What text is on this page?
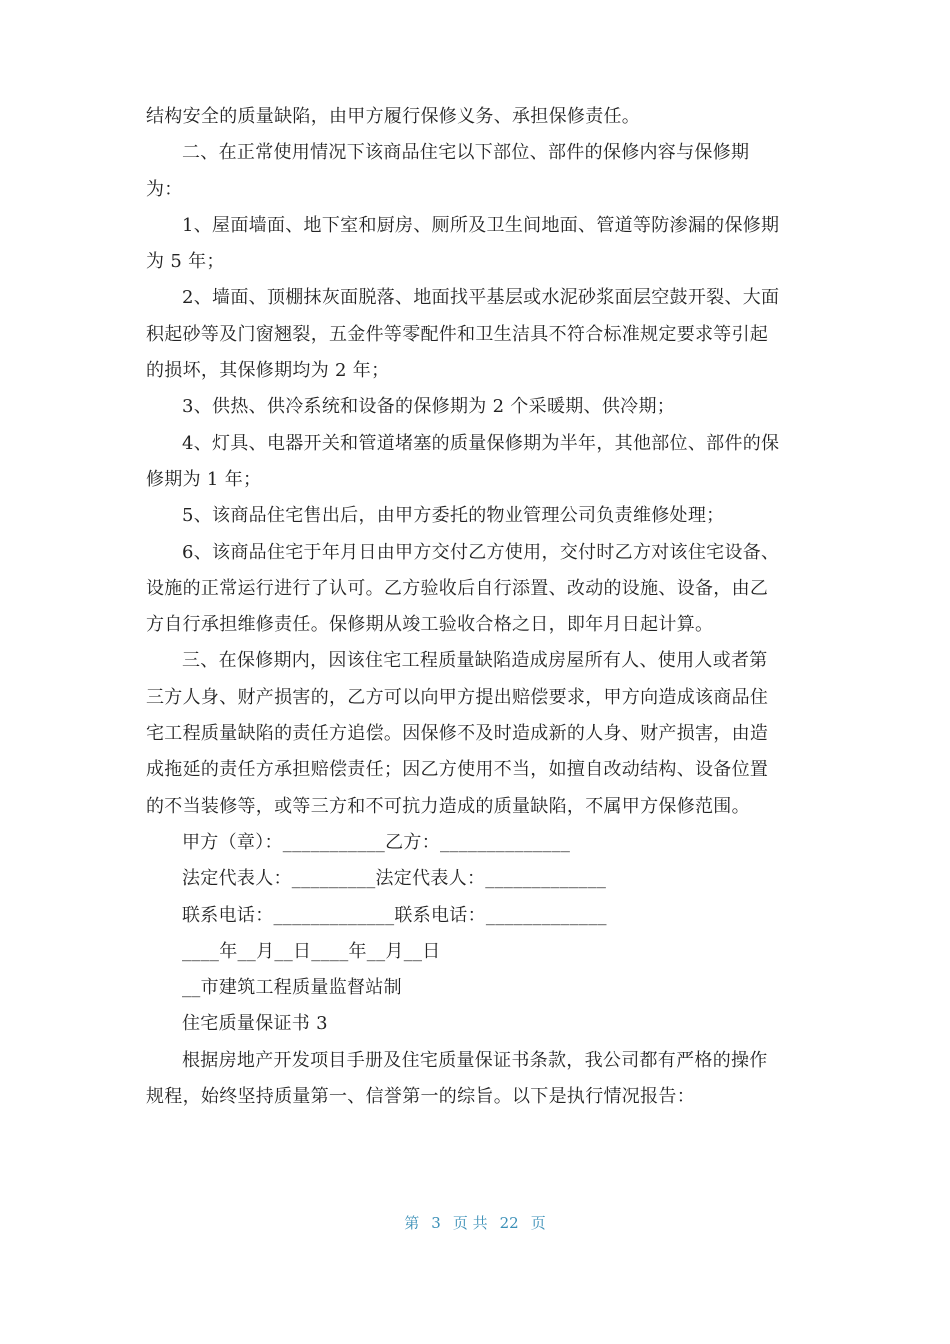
结构安全的质量缺陷，由甲方履行保修义务、承担保修责任。
二、在正常使用情况下该商品住宅以下部位、部件的保修内容与保修期
为：
1、屋面墙面、地下室和厨房、厕所及卫生间地面、管道等防渗漏的保修期
为 5 年；
2、墙面、顶棚抹灰面脱落、地面找平基层或水泥砂浆面层空鼓开裂、大面
积起砂等及门窗翘裂，五金件等零配件和卫生洁具不符合标准规定要求等引起
的损坏，其保修期均为 2 年；
3、供热、供冷系统和设备的保修期为 2 个采暖期、供冷期；
4、灯具、电器开关和管道堵塞的质量保修期为半年，其他部位、部件的保
修期为 1 年；
5、该商品住宅售出后，由甲方委托的物业管理公司负责维修处理；
6、该商品住宅于年月日由甲方交付乙方使用，交付时乙方对该住宅设备、
设施的正常运行进行了认可。乙方验收后自行添置、改动的设施、设备，由乙
方自行承担维修责任。保修期从竣工验收合格之日，即年月日起计算。
三、在保修期内，因该住宅工程质量缺陷造成房屋所有人、使用人或者第
三方人身、财产损害的，乙方可以向甲方提出赔偿要求，甲方向造成该商品住
宅工程质量缺陷的责任方追偿。因保修不及时造成新的人身、财产损害，由造
成拖延的责任方承担赔偿责任；因乙方使用不当，如擅自改动结构、设备位置
的不当装修等，或等三方和不可抗力造成的质量缺陷，不属甲方保修范围。
甲方（章）：___________乙方：______________
法定代表人：_________法定代表人：_____________
联系电话：_____________联系电话：_____________
____年__月__日____年__月__日
__市建筑工程质量监督站制
住宅质量保证书 3
根据房地产开发项目手册及住宅质量保证书条款，我公司都有严格的操作
规程，始终坚持质量第一、信誉第一的综旨。以下是执行情况报告：
第 3 页 共 22 页
